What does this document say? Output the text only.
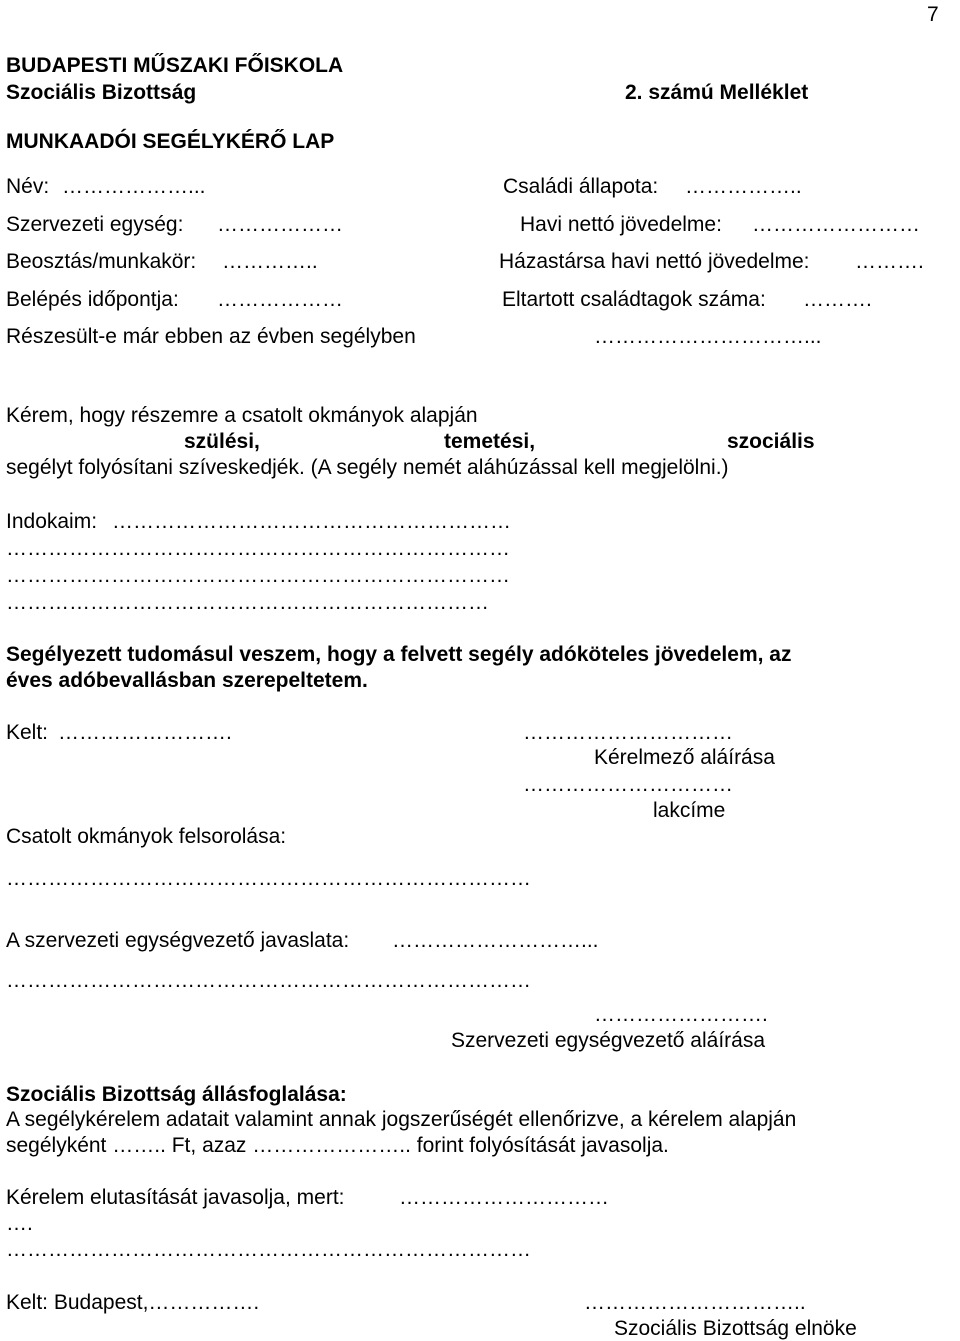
7
BUDAPESTI MŰSZAKI FŐISKOLA
Szociális Bizottság	2. számú Melléklet
MUNKAADÓI SEGÉLYKÉRŐ LAP
Név: ………………...	Családi állapota: ……………..
Szervezeti egység: ………………	Havi nettó jövedelme: ……………………
Beosztás/munkakör: …………..	Házastársa havi nettó jövedelme: ……….
Belépés időpontja: ………………	Eltartott családtagok száma: ……….
Részesült-e már ebben az évben segélyben	…………………………...
Kérem, hogy részemre a csatolt okmányok alapján
szülési,	temetési,	szociális
segélyt folyósítani szíveskedjék. (A segély nemét aláhúzással kell megjelölni.)
Indokaim: …………………………………………………
………………………………………………………………
………………………………………………………………
……………………………………………………………
Segélyezett tudomásul veszem, hogy a felvett segély adóköteles jövedelem, az
éves adóbevallásban szerepeltetem.
Kelt: …………………….	…………………………
Kérelmező aláírása
…………………………
lakcíme
Csatolt okmányok felsorolása:
…………………………………………………………………
A szervezeti egységvezető javaslata: ………………………...
…………………………………………………………………
…………………….
Szervezeti egységvezető aláírása
Szociális Bizottság állásfoglalása:
A segélykérelem adatait valamint annak jogszerűségét ellenőrizve, a kérelem alapján
segélyként …….. Ft, azaz ………………….. forint folyósítását javasolja.
Kérelem elutasítását javasolja, mert:	…………………………
….
…………………………………………………………………
Kelt: Budapest,…………….	…………………………..
Szociális Bizottság elnöke
